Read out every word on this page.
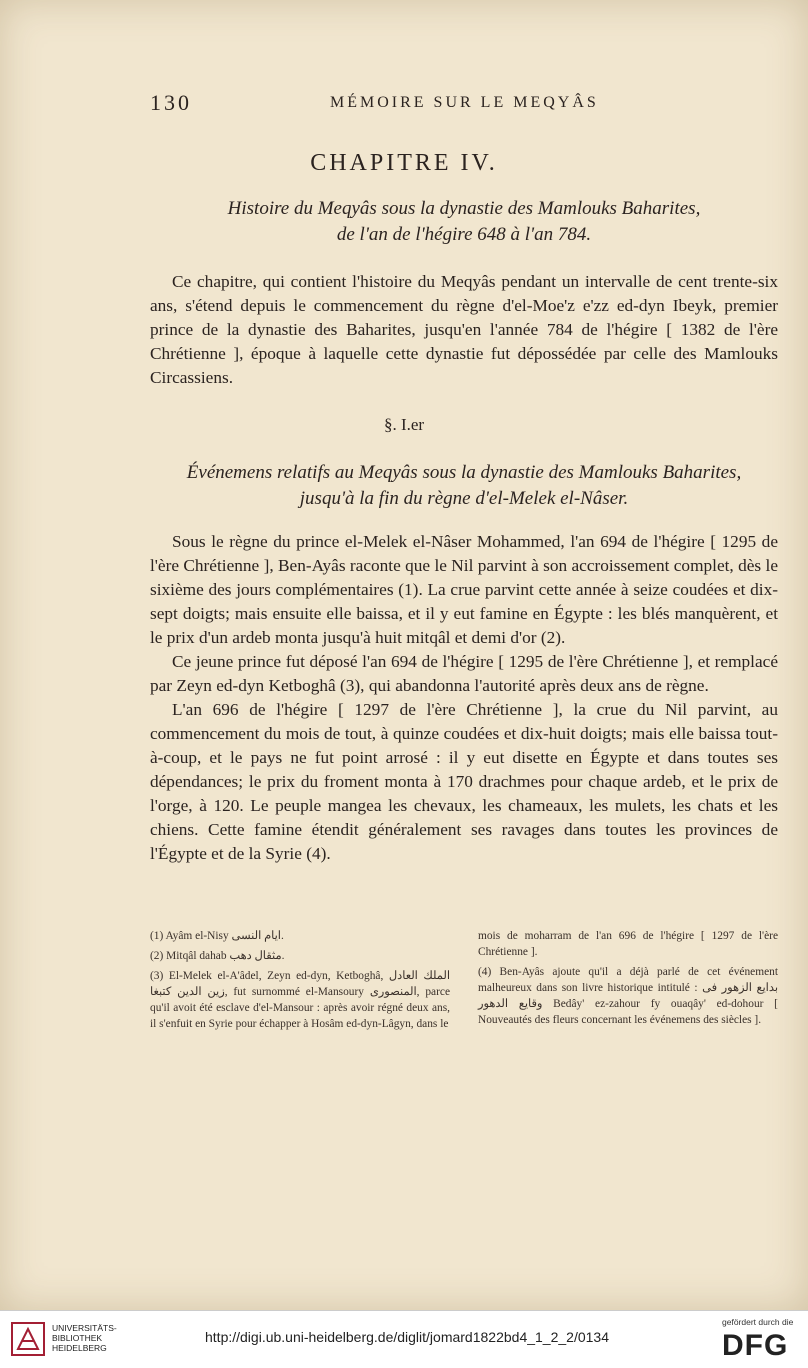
130	MÉMOIRE SUR LE MEQYÂS
CHAPITRE IV.
Histoire du Meqyâs sous la dynastie des Mamlouks Baharites,
de l'an de l'hégire 648 à l'an 784.

Ce chapitre, qui contient l'histoire du Meqyâs pendant un intervalle de cent trente-six ans, s'étend depuis le commencement du règne d'el-Moe'z e'zz ed-dyn Ibeyk, premier prince de la dynastie des Baharites, jusqu'en l'année 784 de l'hégire [ 1382 de l'ère Chrétienne ], époque à laquelle cette dynastie fut dépossédée par celle des Mamlouks Circassiens.

§. I.er
Événemens relatifs au Meqyâs sous la dynastie des Mamlouks Baharites,
jusqu'à la fin du règne d'el-Melek el-Nâser.

Sous le règne du prince el-Melek el-Nâser Mohammed, l'an 694 de l'hégire [ 1295 de l'ère Chrétienne ], Ben-Ayâs raconte que le Nil parvint à son accroissement complet, dès le sixième des jours complémentaires (1). La crue parvint cette année à seize coudées et dix-sept doigts; mais ensuite elle baissa, et il y eut famine en Égypte : les blés manquèrent, et le prix d'un ardeb monta jusqu'à huit mitqâl et demi d'or (2).

Ce jeune prince fut déposé l'an 694 de l'hégire [ 1295 de l'ère Chrétienne ], et remplacé par Zeyn ed-dyn Ketboghâ (3), qui abandonna l'autorité après deux ans de règne.

L'an 696 de l'hégire [ 1297 de l'ère Chrétienne ], la crue du Nil parvint, au commencement du mois de tout, à quinze coudées et dix-huit doigts; mais elle baissa tout-à-coup, et le pays ne fut point arrosé : il y eut disette en Égypte et dans toutes ses dépendances; le prix du froment monta à 170 drachmes pour chaque ardeb, et le prix de l'orge, à 120. Le peuple mangea les chevaux, les chameaux, les mulets, les chats et les chiens. Cette famine étendit généralement ses ravages dans toutes les provinces de l'Égypte et de la Syrie (4).

(1) Ayâm el-Nisy ايام النسى.

(2) Mitqâl dahab مثقال دهب.

(3) El-Melek el-A'âdel, Zeyn ed-dyn, Ketboghâ, الملك العادل زين الدين كتبغا, fut surnommé el-Mansoury المنصورى, parce qu'il avoit été esclave d'el-Mansour : après avoir régné deux ans, il s'enfuit en Syrie pour échapper à Hosâm ed-dyn-Lâgyn, dans le

mois de moharram de l'an 696 de l'hégire [ 1297 de l'ère Chrétienne ].

(4) Ben-Ayâs ajoute qu'il a déjà parlé de cet événement malheureux dans son livre historique intitulé : بدايع الزهور فى وقايع الدهور Bedây' ez-zahour fy ouaqây' ed-dohour [ Nouveautés des fleurs concernant les événemens des siècles ].

UNIVERSITÄTS-
BIBLIOTHEK
HEIDELBERG
http://digi.ub.uni-heidelberg.de/diglit/jomard1822bd4_1_2_2/0134
gefördert durch die
DFG
